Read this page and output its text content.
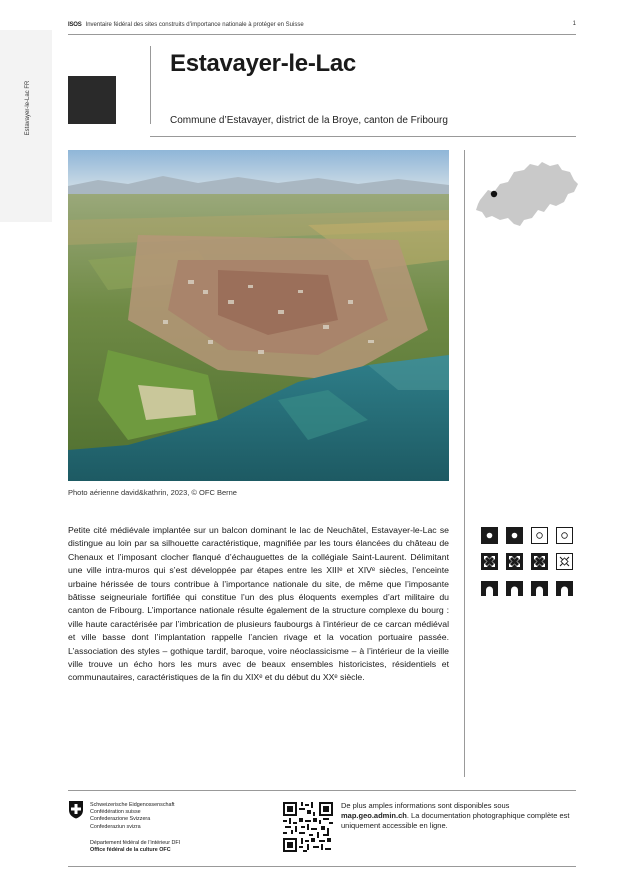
Estavayer-le-Lac FR
ISOS Inventaire fédéral des sites construits d’importance nationale à protéger en Suisse	1
Estavayer-le-Lac
Commune d’Estavayer, district de la Broye, canton de Fribourg
Photo aérienne david&kathrin, 2023, © OFC Berne

Petite cité médiévale implantée sur un balcon dominant le lac de Neuchâtel, Estavayer-le-Lac se distingue au loin par sa silhouette caractéristique, magnifiée par les tours élancées du château de Chenaux et l’imposant clocher flanqué d’échauguettes de la collégiale Saint-Laurent. Délimitant une ville intra-muros qui s’est développée par étapes entre les XIIIᵉ et XIVᵉ siècles, l’enceinte urbaine hérissée de tours contribue à l’importance nationale du site, de même que l’imposante bâtisse seigneuriale fortifiée qui constitue l’un des plus éloquents exemples d’art militaire du canton de Fribourg. L’importance nationale résulte également de la structure complexe du bourg : ville haute caractérisée par l’imbrication de plusieurs faubourgs à l’intérieur de ce carcan médiéval et ville basse dont l’implantation rappelle l’ancien rivage et la vocation portuaire passée. L’association des styles – gothique tardif, baroque, voire néoclassicisme – à l’intérieur de la vieille ville trouve un écho hors les murs avec de beaux ensembles historicistes, résidentiels et communautaires, caractéristiques de la fin du XIXᵉ et du début du XXᵉ siècle.

Schweizerische Eidgenossenschaft
Confédération suisse
Confederazione Svizzera
Confederaziun svizra
Département fédéral de l’intérieur DFI
Office fédéral de la culture OFC
De plus amples informations sont disponibles sous
map.geo.admin.ch. La documentation photographique complète est uniquement accessible en ligne.
